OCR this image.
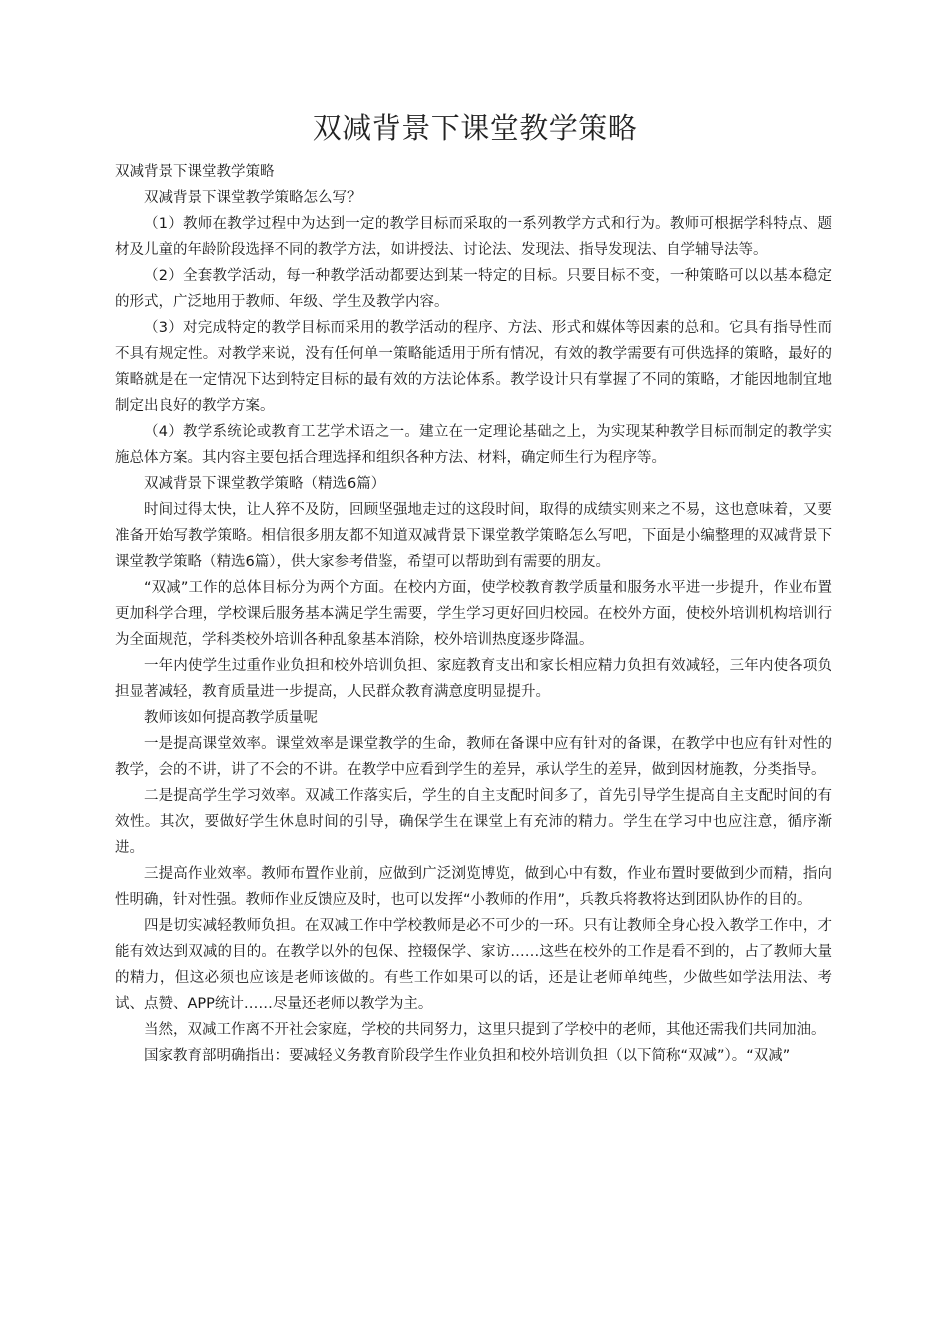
双减背景下课堂教学策略

双减背景下课堂教学策略

双减背景下课堂教学策略怎么写？

（1）教师在教学过程中为达到一定的教学目标而采取的一系列教学方式和行为。教师可根据学科特点、题材及儿童的年龄阶段选择不同的教学方法，如讲授法、讨论法、发现法、指导发现法、自学辅导法等。

（2）全套教学活动，每一种教学活动都要达到某一特定的目标。只要目标不变，一种策略可以以基本稳定的形式，广泛地用于教师、年级、学生及教学内容。

（3）对完成特定的教学目标而采用的教学活动的程序、方法、形式和媒体等因素的总和。它具有指导性而不具有规定性。对教学来说，没有任何单一策略能适用于所有情况，有效的教学需要有可供选择的策略，最好的策略就是在一定情况下达到特定目标的最有效的方法论体系。教学设计只有掌握了不同的策略，才能因地制宜地制定出良好的教学方案。

（4）教学系统论或教育工艺学术语之一。建立在一定理论基础之上，为实现某种教学目标而制定的教学实施总体方案。其内容主要包括合理选择和组织各种方法、材料，确定师生行为程序等。

双减背景下课堂教学策略（精选6篇）

时间过得太快，让人猝不及防，回顾坚强地走过的这段时间，取得的成绩实则来之不易，这也意味着，又要准备开始写教学策略。相信很多朋友都不知道双减背景下课堂教学策略怎么写吧，下面是小编整理的双减背景下课堂教学策略（精选6篇），供大家参考借鉴，希望可以帮助到有需要的朋友。

“双减”工作的总体目标分为两个方面。在校内方面，使学校教育教学质量和服务水平进一步提升，作业布置更加科学合理，学校课后服务基本满足学生需要，学生学习更好回归校园。在校外方面，使校外培训机构培训行为全面规范，学科类校外培训各种乱象基本消除，校外培训热度逐步降温。

一年内使学生过重作业负担和校外培训负担、家庭教育支出和家长相应精力负担有效减轻，三年内使各项负担显著减轻，教育质量进一步提高，人民群众教育满意度明显提升。

教师该如何提高教学质量呢

一是提高课堂效率。课堂效率是课堂教学的生命，教师在备课中应有针对的备课，在教学中也应有针对性的教学，会的不讲，讲了不会的不讲。在教学中应看到学生的差异，承认学生的差异，做到因材施教，分类指导。

二是提高学生学习效率。双减工作落实后，学生的自主支配时间多了，首先引导学生提高自主支配时间的有效性。其次，要做好学生休息时间的引导，确保学生在课堂上有充沛的精力。学生在学习中也应注意，循序渐进。

三提高作业效率。教师布置作业前，应做到广泛浏览博览，做到心中有数，作业布置时要做到少而精，指向性明确，针对性强。教师作业反馈应及时，也可以发挥“小教师的作用”，兵教兵将教将达到团队协作的目的。

四是切实减轻教师负担。在双减工作中学校教师是必不可少的一环。只有让教师全身心投入教学工作中，才能有效达到双减的目的。在教学以外的包保、控辍保学、家访……这些在校外的工作是看不到的，占了教师大量的精力，但这必须也应该是老师该做的。有些工作如果可以的话，还是让老师单纯些，少做些如学法用法、考试、点赞、APP统计……尽量还老师以教学为主。

当然，双减工作离不开社会家庭，学校的共同努力，这里只提到了学校中的老师，其他还需我们共同加油。

国家教育部明确指出：要减轻义务教育阶段学生作业负担和校外培训负担（以下简称“双减”）。“双减”
